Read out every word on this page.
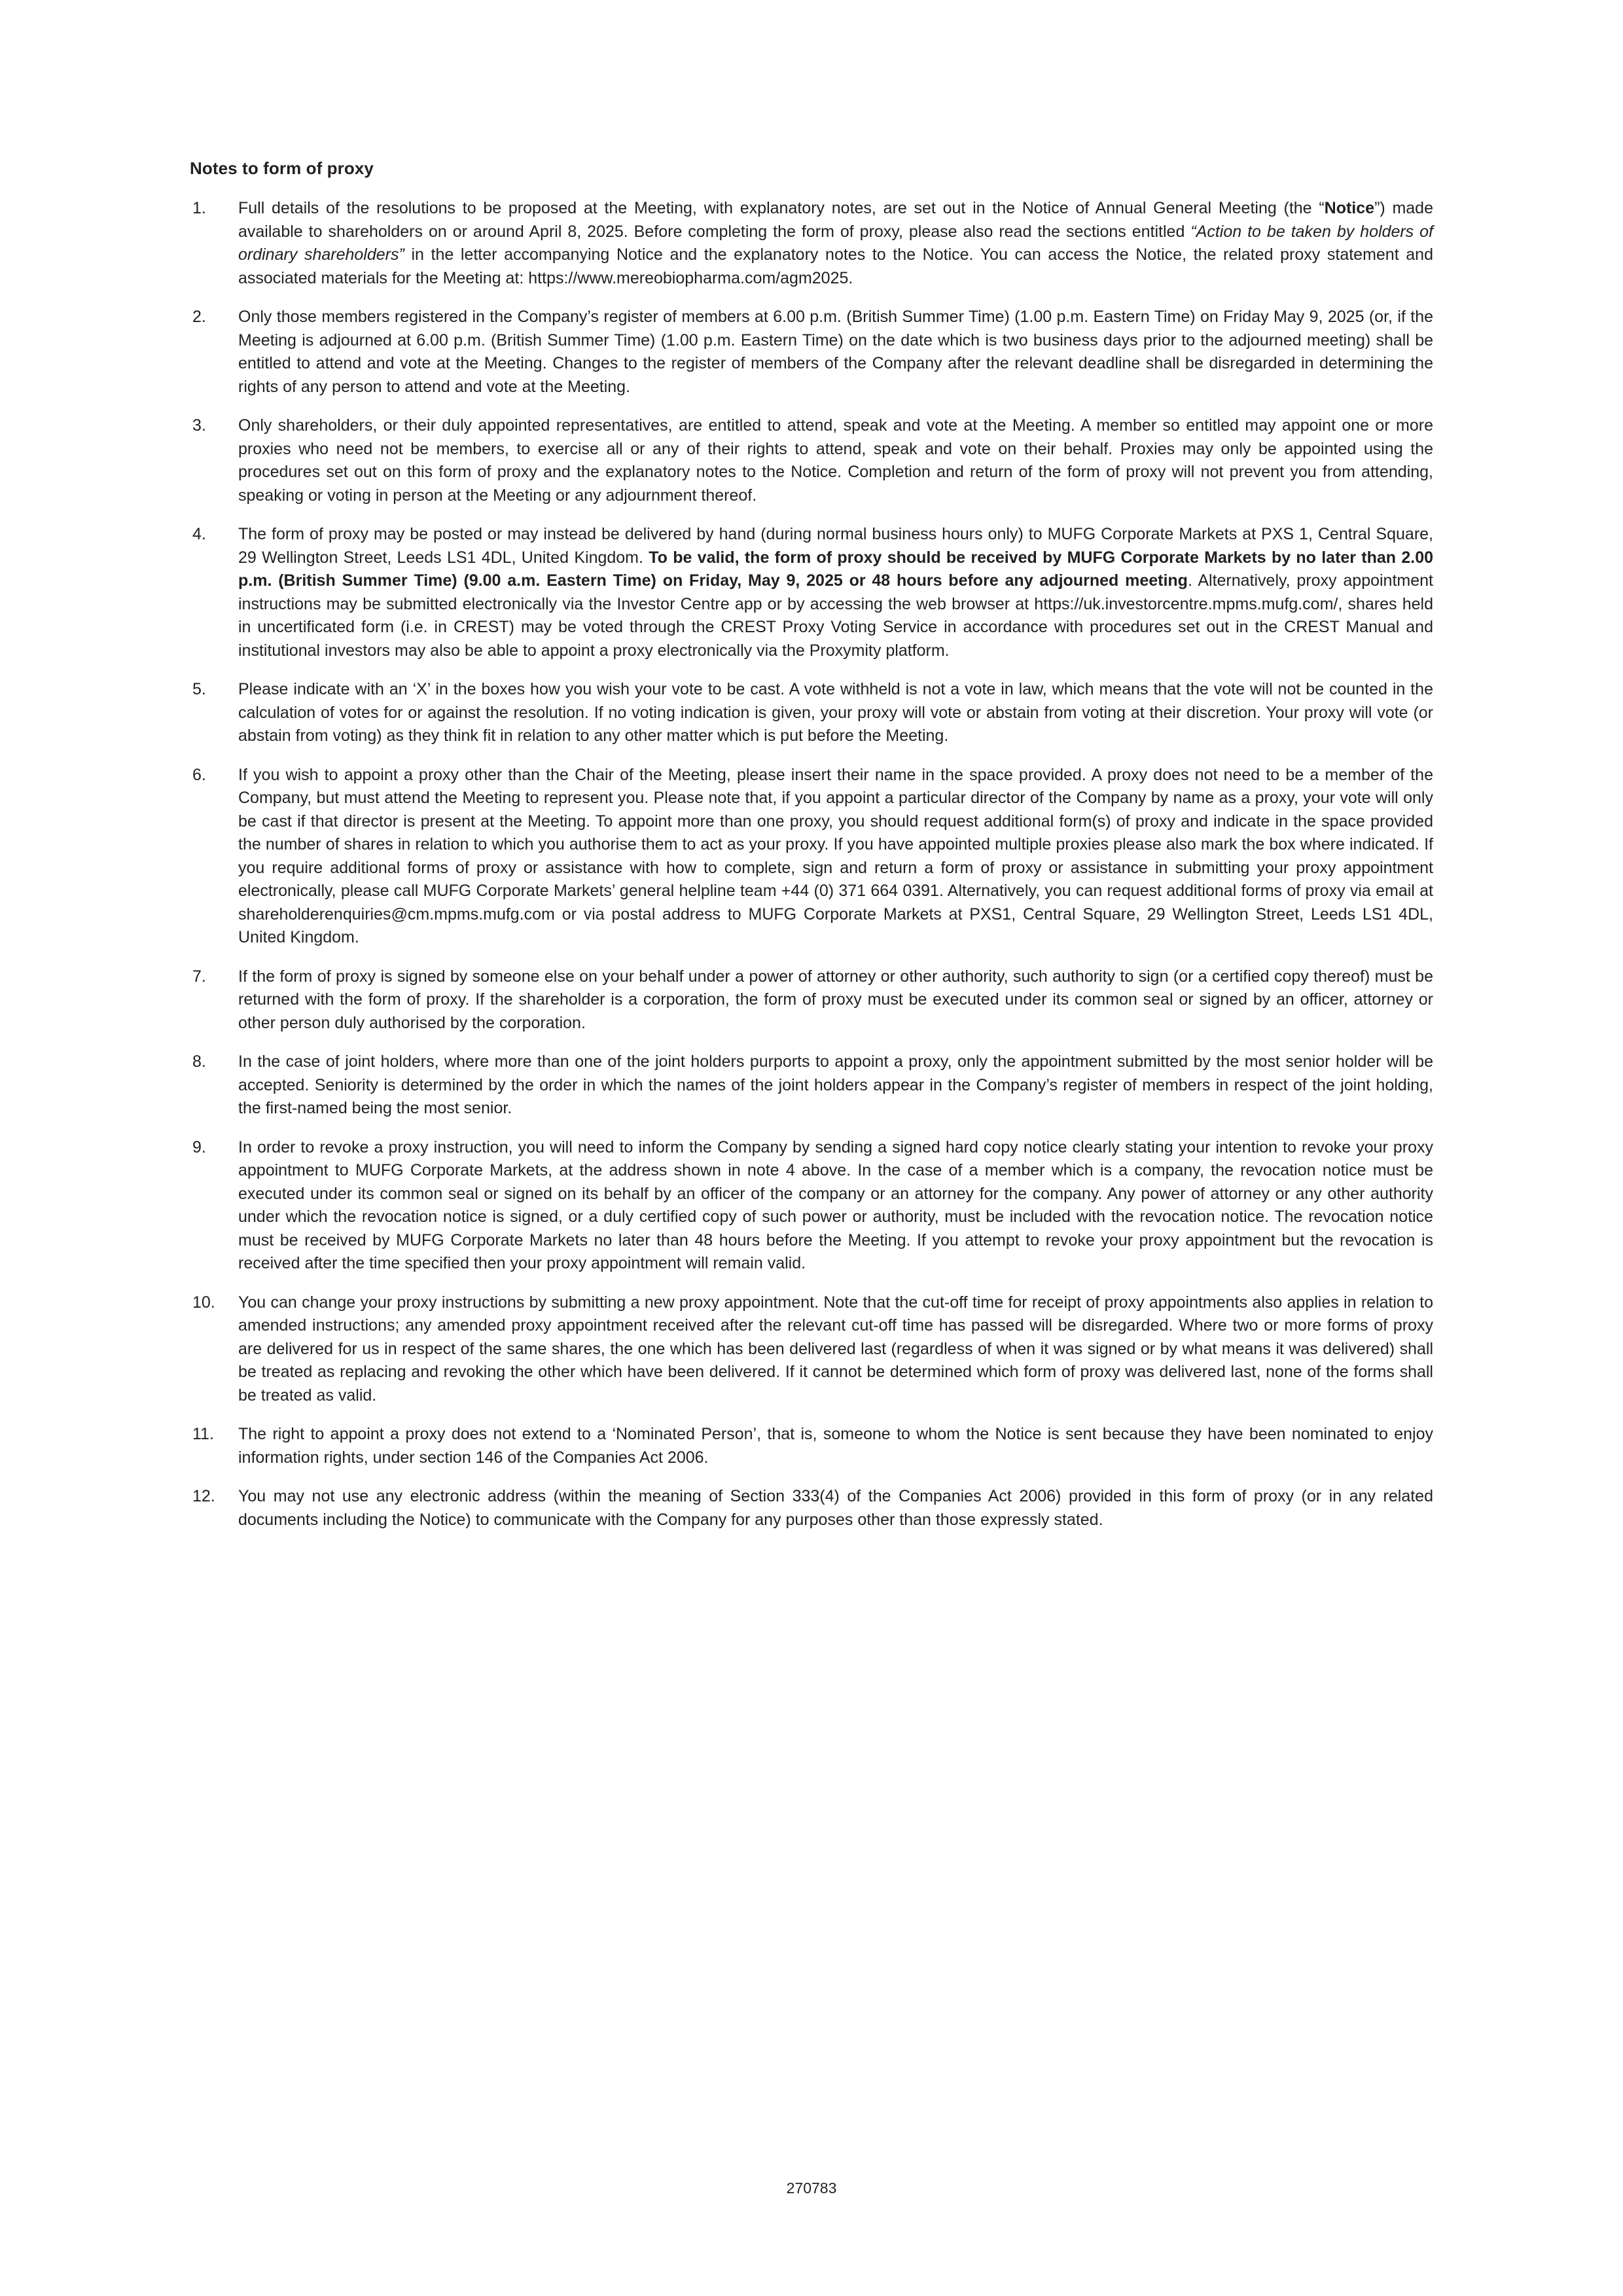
Notes to form of proxy
1.	Full details of the resolutions to be proposed at the Meeting, with explanatory notes, are set out in the Notice of Annual General Meeting (the “Notice”) made available to shareholders on or around April 8, 2025. Before completing the form of proxy, please also read the sections entitled “Action to be taken by holders of ordinary shareholders” in the letter accompanying Notice and the explanatory notes to the Notice. You can access the Notice, the related proxy statement and associated materials for the Meeting at: https://www.mereobiopharma.com/agm2025.
2.	Only those members registered in the Company’s register of members at 6.00 p.m. (British Summer Time) (1.00 p.m. Eastern Time) on Friday May 9, 2025 (or, if the Meeting is adjourned at 6.00 p.m. (British Summer Time) (1.00 p.m. Eastern Time) on the date which is two business days prior to the adjourned meeting) shall be entitled to attend and vote at the Meeting. Changes to the register of members of the Company after the relevant deadline shall be disregarded in determining the rights of any person to attend and vote at the Meeting.
3.	Only shareholders, or their duly appointed representatives, are entitled to attend, speak and vote at the Meeting. A member so entitled may appoint one or more proxies who need not be members, to exercise all or any of their rights to attend, speak and vote on their behalf. Proxies may only be appointed using the procedures set out on this form of proxy and the explanatory notes to the Notice. Completion and return of the form of proxy will not prevent you from attending, speaking or voting in person at the Meeting or any adjournment thereof.
4.	The form of proxy may be posted or may instead be delivered by hand (during normal business hours only) to MUFG Corporate Markets at PXS 1, Central Square, 29 Wellington Street, Leeds LS1 4DL, United Kingdom. To be valid, the form of proxy should be received by MUFG Corporate Markets by no later than 2.00 p.m. (British Summer Time) (9.00 a.m. Eastern Time) on Friday, May 9, 2025 or 48 hours before any adjourned meeting. Alternatively, proxy appointment instructions may be submitted electronically via the Investor Centre app or by accessing the web browser at https://uk.investorcentre.mpms.mufg.com/, shares held in uncertificated form (i.e. in CREST) may be voted through the CREST Proxy Voting Service in accordance with procedures set out in the CREST Manual and institutional investors may also be able to appoint a proxy electronically via the Proxymity platform.
5.	Please indicate with an ‘X’ in the boxes how you wish your vote to be cast. A vote withheld is not a vote in law, which means that the vote will not be counted in the calculation of votes for or against the resolution. If no voting indication is given, your proxy will vote or abstain from voting at their discretion. Your proxy will vote (or abstain from voting) as they think fit in relation to any other matter which is put before the Meeting.
6.	If you wish to appoint a proxy other than the Chair of the Meeting, please insert their name in the space provided. A proxy does not need to be a member of the Company, but must attend the Meeting to represent you. Please note that, if you appoint a particular director of the Company by name as a proxy, your vote will only be cast if that director is present at the Meeting. To appoint more than one proxy, you should request additional form(s) of proxy and indicate in the space provided the number of shares in relation to which you authorise them to act as your proxy. If you have appointed multiple proxies please also mark the box where indicated. If you require additional forms of proxy or assistance with how to complete, sign and return a form of proxy or assistance in submitting your proxy appointment electronically, please call MUFG Corporate Markets’ general helpline team +44 (0) 371 664 0391. Alternatively, you can request additional forms of proxy via email at shareholderenquiries@cm.mpms.mufg.com or via postal address to MUFG Corporate Markets at PXS1, Central Square, 29 Wellington Street, Leeds LS1 4DL, United Kingdom.
7.	If the form of proxy is signed by someone else on your behalf under a power of attorney or other authority, such authority to sign (or a certified copy thereof) must be returned with the form of proxy. If the shareholder is a corporation, the form of proxy must be executed under its common seal or signed by an officer, attorney or other person duly authorised by the corporation.
8.	In the case of joint holders, where more than one of the joint holders purports to appoint a proxy, only the appointment submitted by the most senior holder will be accepted. Seniority is determined by the order in which the names of the joint holders appear in the Company’s register of members in respect of the joint holding, the first-named being the most senior.
9.	In order to revoke a proxy instruction, you will need to inform the Company by sending a signed hard copy notice clearly stating your intention to revoke your proxy appointment to MUFG Corporate Markets, at the address shown in note 4 above. In the case of a member which is a company, the revocation notice must be executed under its common seal or signed on its behalf by an officer of the company or an attorney for the company. Any power of attorney or any other authority under which the revocation notice is signed, or a duly certified copy of such power or authority, must be included with the revocation notice. The revocation notice must be received by MUFG Corporate Markets no later than 48 hours before the Meeting. If you attempt to revoke your proxy appointment but the revocation is received after the time specified then your proxy appointment will remain valid.
10.	You can change your proxy instructions by submitting a new proxy appointment. Note that the cut-off time for receipt of proxy appointments also applies in relation to amended instructions; any amended proxy appointment received after the relevant cut-off time has passed will be disregarded. Where two or more forms of proxy are delivered for us in respect of the same shares, the one which has been delivered last (regardless of when it was signed or by what means it was delivered) shall be treated as replacing and revoking the other which have been delivered. If it cannot be determined which form of proxy was delivered last, none of the forms shall be treated as valid.
11.	The right to appoint a proxy does not extend to a ‘Nominated Person’, that is, someone to whom the Notice is sent because they have been nominated to enjoy information rights, under section 146 of the Companies Act 2006.
12.	You may not use any electronic address (within the meaning of Section 333(4) of the Companies Act 2006) provided in this form of proxy (or in any related documents including the Notice) to communicate with the Company for any purposes other than those expressly stated.
270783
